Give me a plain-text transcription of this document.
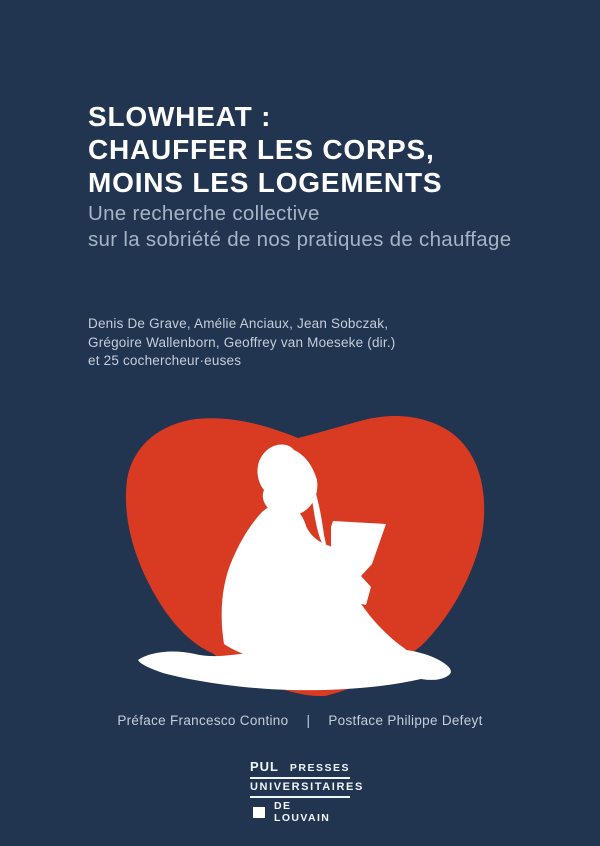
SLOWHEAT :
CHAUFFER LES CORPS,
MOINS LES LOGEMENTS
Une recherche collective
sur la sobriété de nos pratiques de chauffage
Denis De Grave, Amélie Anciaux, Jean Sobczak,
Grégoire Wallenborn, Geoffrey van Moeseke (dir.)
et 25 cochercheur·euses
Préface Francesco Contino | Postface Philippe Defeyt
PUL PRESSES
UNIVERSITAIRES
DE LOUVAIN
